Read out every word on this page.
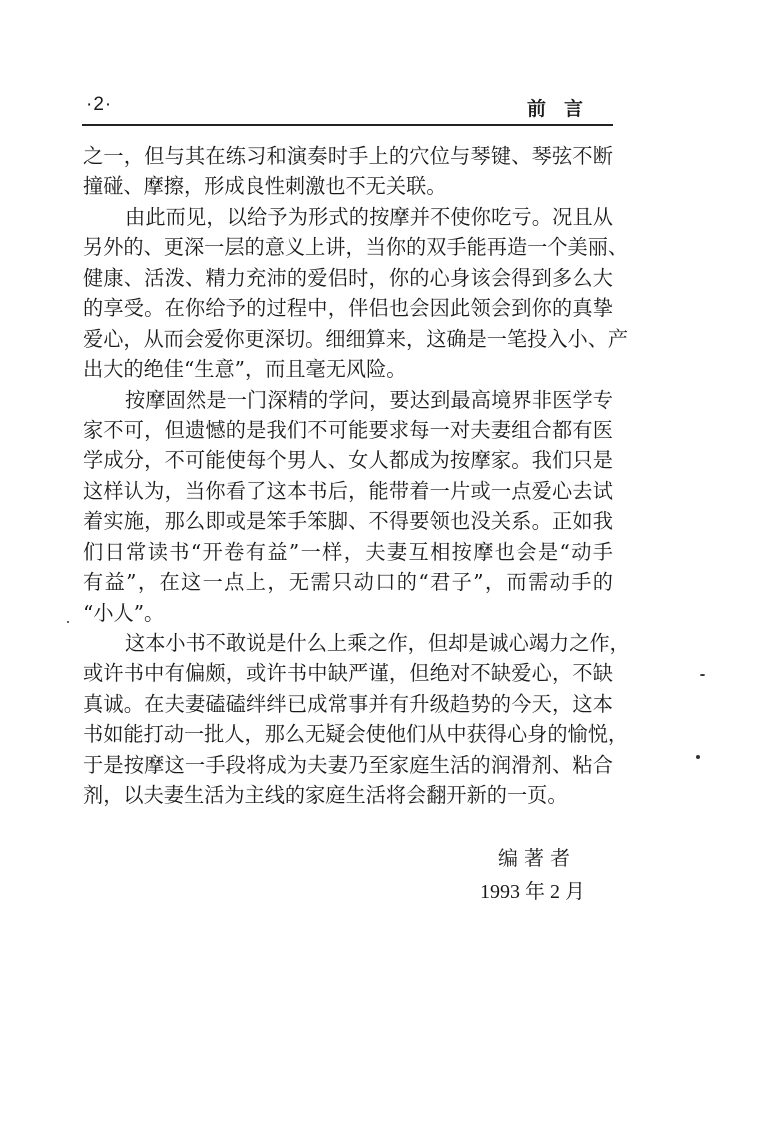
·2·	前言
之一，但与其在练习和演奏时手上的穴位与琴键、琴弦不断
撞碰、摩擦，形成良性刺激也不无关联。
由此而见，以给予为形式的按摩并不使你吃亏。况且从
另外的、更深一层的意义上讲，当你的双手能再造一个美丽、
健康、活泼、精力充沛的爱侣时，你的心身该会得到多么大
的享受。在你给予的过程中，伴侣也会因此领会到你的真挚
爱心，从而会爱你更深切。细细算来，这确是一笔投入小、产
出大的绝佳“生意”，而且毫无风险。
按摩固然是一门深精的学问，要达到最高境界非医学专
家不可，但遗憾的是我们不可能要求每一对夫妻组合都有医
学成分，不可能使每个男人、女人都成为按摩家。我们只是
这样认为，当你看了这本书后，能带着一片或一点爱心去试
着实施，那么即或是笨手笨脚、不得要领也没关系。正如我
们日常读书“开卷有益”一样，夫妻互相按摩也会是“动手
有益”，在这一点上，无需只动口的“君子”，而需动手的
“小人”。
这本小书不敢说是什么上乘之作，但却是诚心竭力之作，
或许书中有偏颇，或许书中缺严谨，但绝对不缺爱心，不缺
真诚。在夫妻磕磕绊绊已成常事并有升级趋势的今天，这本
书如能打动一批人，那么无疑会使他们从中获得心身的愉悦，
于是按摩这一手段将成为夫妻乃至家庭生活的润滑剂、粘合
剂，以夫妻生活为主线的家庭生活将会翻开新的一页。
编著者
1993 年 2 月
